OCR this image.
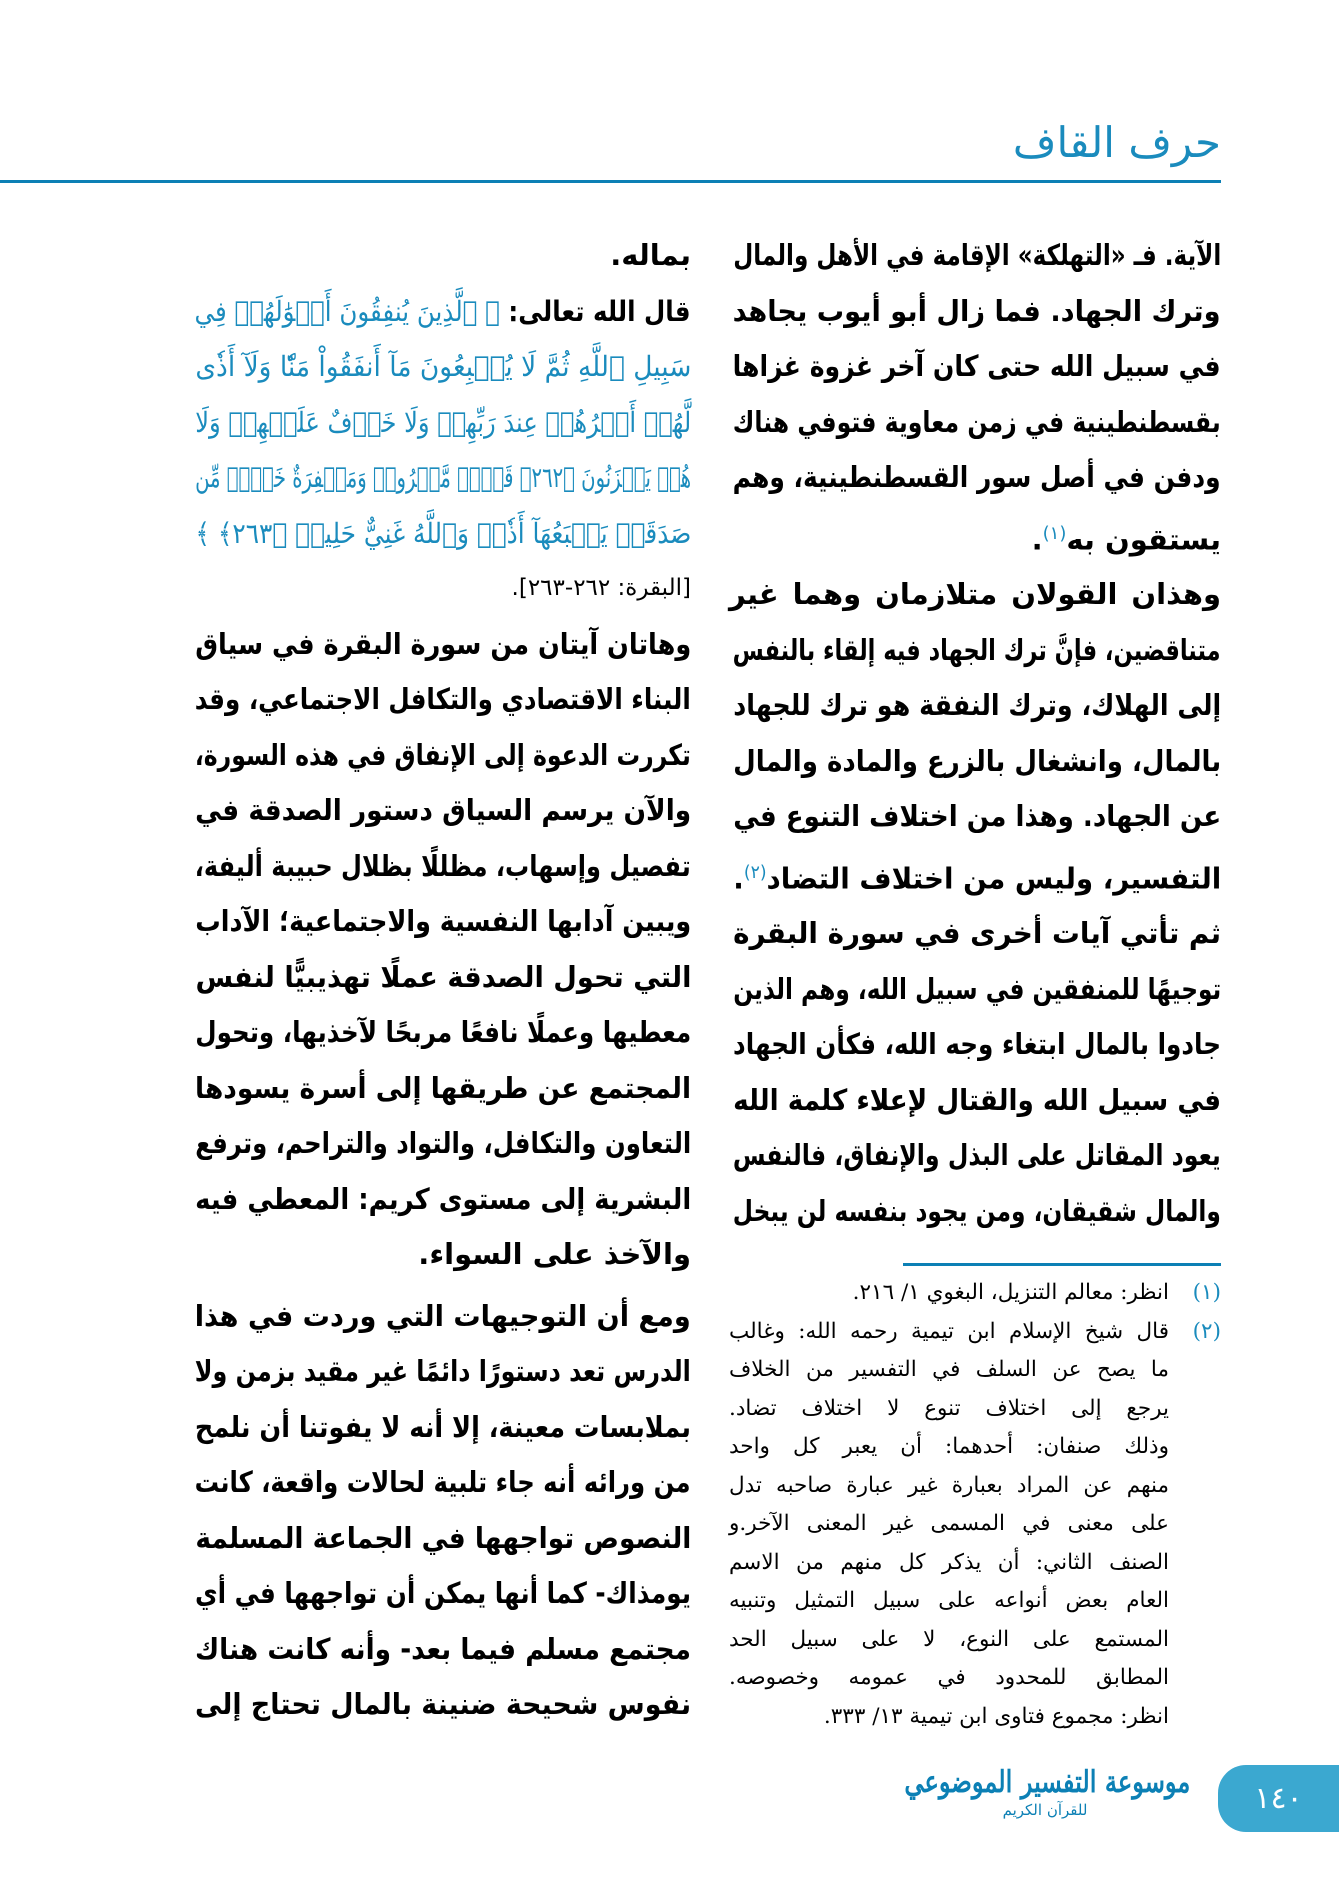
حرف القاف
الآية. فـ «التهلكة» الإقامة في الأهل والمال
وترك الجهاد. فما زال أبو أيوب يجاهد
في سبيل الله حتى كان آخر غزوة غزاها
بقسطنطينية في زمن معاوية فتوفي هناك
ودفن في أصل سور القسطنطينية، وهم
يستقون به$^{(١)}$.
وهذان القولان متلازمان وهما غير
متناقضين، فإنَّ ترك الجهاد فيه إلقاء بالنفس
إلى الهلاك، وترك النفقة هو ترك للجهاد
بالمال، وانشغال بالزرع والمادة والمال
عن الجهاد. وهذا من اختلاف التنوع في
التفسير، وليس من اختلاف التضاد$^{(٢)}$.
ثم تأتي آيات أخرى في سورة البقرة
توجيهًا للمنفقين في سبيل الله، وهم الذين
جادوا بالمال ابتغاء وجه الله، فكأن الجهاد
في سبيل الله والقتال لإعلاء كلمة الله
يعود المقاتل على البذل والإنفاق، فالنفس
والمال شقيقان، ومن يجود بنفسه لن يبخل
بماله.
قال الله تعالى: ﴿ ٱلَّذِينَ يُنفِقُونَ أَمۡوَٰلَهُمۡ فِي
سَبِيلِ ٱللَّهِ ثُمَّ لَا يُتۡبِعُونَ مَآ أَنفَقُواْ مَنّٗا وَلَآ أَذٗى
لَّهُمۡ أَجۡرُهُمۡ عِندَ رَبِّهِمۡ وَلَا خَوۡفٌ عَلَيۡهِمۡ وَلَا
هُمۡ يَحۡزَنُونَ ﴿٢٦٢﴾ قَوۡلٞ مَّعۡرُوفٞ وَمَغۡفِرَةٌ خَيۡرٞ مِّن
صَدَقَةٖ يَتۡبَعُهَآ أَذٗىۗ وَٱللَّهُ غَنِيٌّ حَلِيمٞ ﴿٢٦٣﴾ ﴾
[البقرة: ٢٦٢-٢٦٣].
وهاتان آيتان من سورة البقرة في سياق
البناء الاقتصادي والتكافل الاجتماعي، وقد
تكررت الدعوة إلى الإنفاق في هذه السورة،
والآن يرسم السياق دستور الصدقة في
تفصيل وإسهاب، مظللًا بظلال حبيبة أليفة،
ويبين آدابها النفسية والاجتماعية؛ الآداب
التي تحول الصدقة عملًا تهذيبيًّا لنفس
معطيها وعملًا نافعًا مربحًا لآخذيها، وتحول
المجتمع عن طريقها إلى أسرة يسودها
التعاون والتكافل، والتواد والتراحم، وترفع
البشرية إلى مستوى كريم: المعطي فيه
والآخذ على السواء.
ومع أن التوجيهات التي وردت في هذا
الدرس تعد دستورًا دائمًا غير مقيد بزمن ولا
بملابسات معينة، إلا أنه لا يفوتنا أن نلمح
من ورائه أنه جاء تلبية لحالات واقعة، كانت
النصوص تواجهها في الجماعة المسلمة
يومذاك- كما أنها يمكن أن تواجهها في أي
مجتمع مسلم فيما بعد- وأنه كانت هناك
نفوس شحيحة ضنينة بالمال تحتاج إلى
(١)
انظر: معالم التنزيل، البغوي ١/ ٢١٦.
(٢)
قال شيخ الإسلام ابن تيمية رحمه الله: وغالب
ما يصح عن السلف في التفسير من الخلاف
يرجع إلى اختلاف تنوع لا اختلاف تضاد.
وذلك صنفان: أحدهما: أن يعبر كل واحد
منهم عن المراد بعبارة غير عبارة صاحبه تدل
على معنى في المسمى غير المعنى الآخر.و
الصنف الثاني: أن يذكر كل منهم من الاسم
العام بعض أنواعه على سبيل التمثيل وتنبيه
المستمع على النوع، لا على سبيل الحد
المطابق للمحدود في عمومه وخصوصه.
انظر: مجموع فتاوى ابن تيمية ١٣/ ٣٣٣.
موسوعة التفسير الموضوعي
للقرآن الكريم	١٤٠
